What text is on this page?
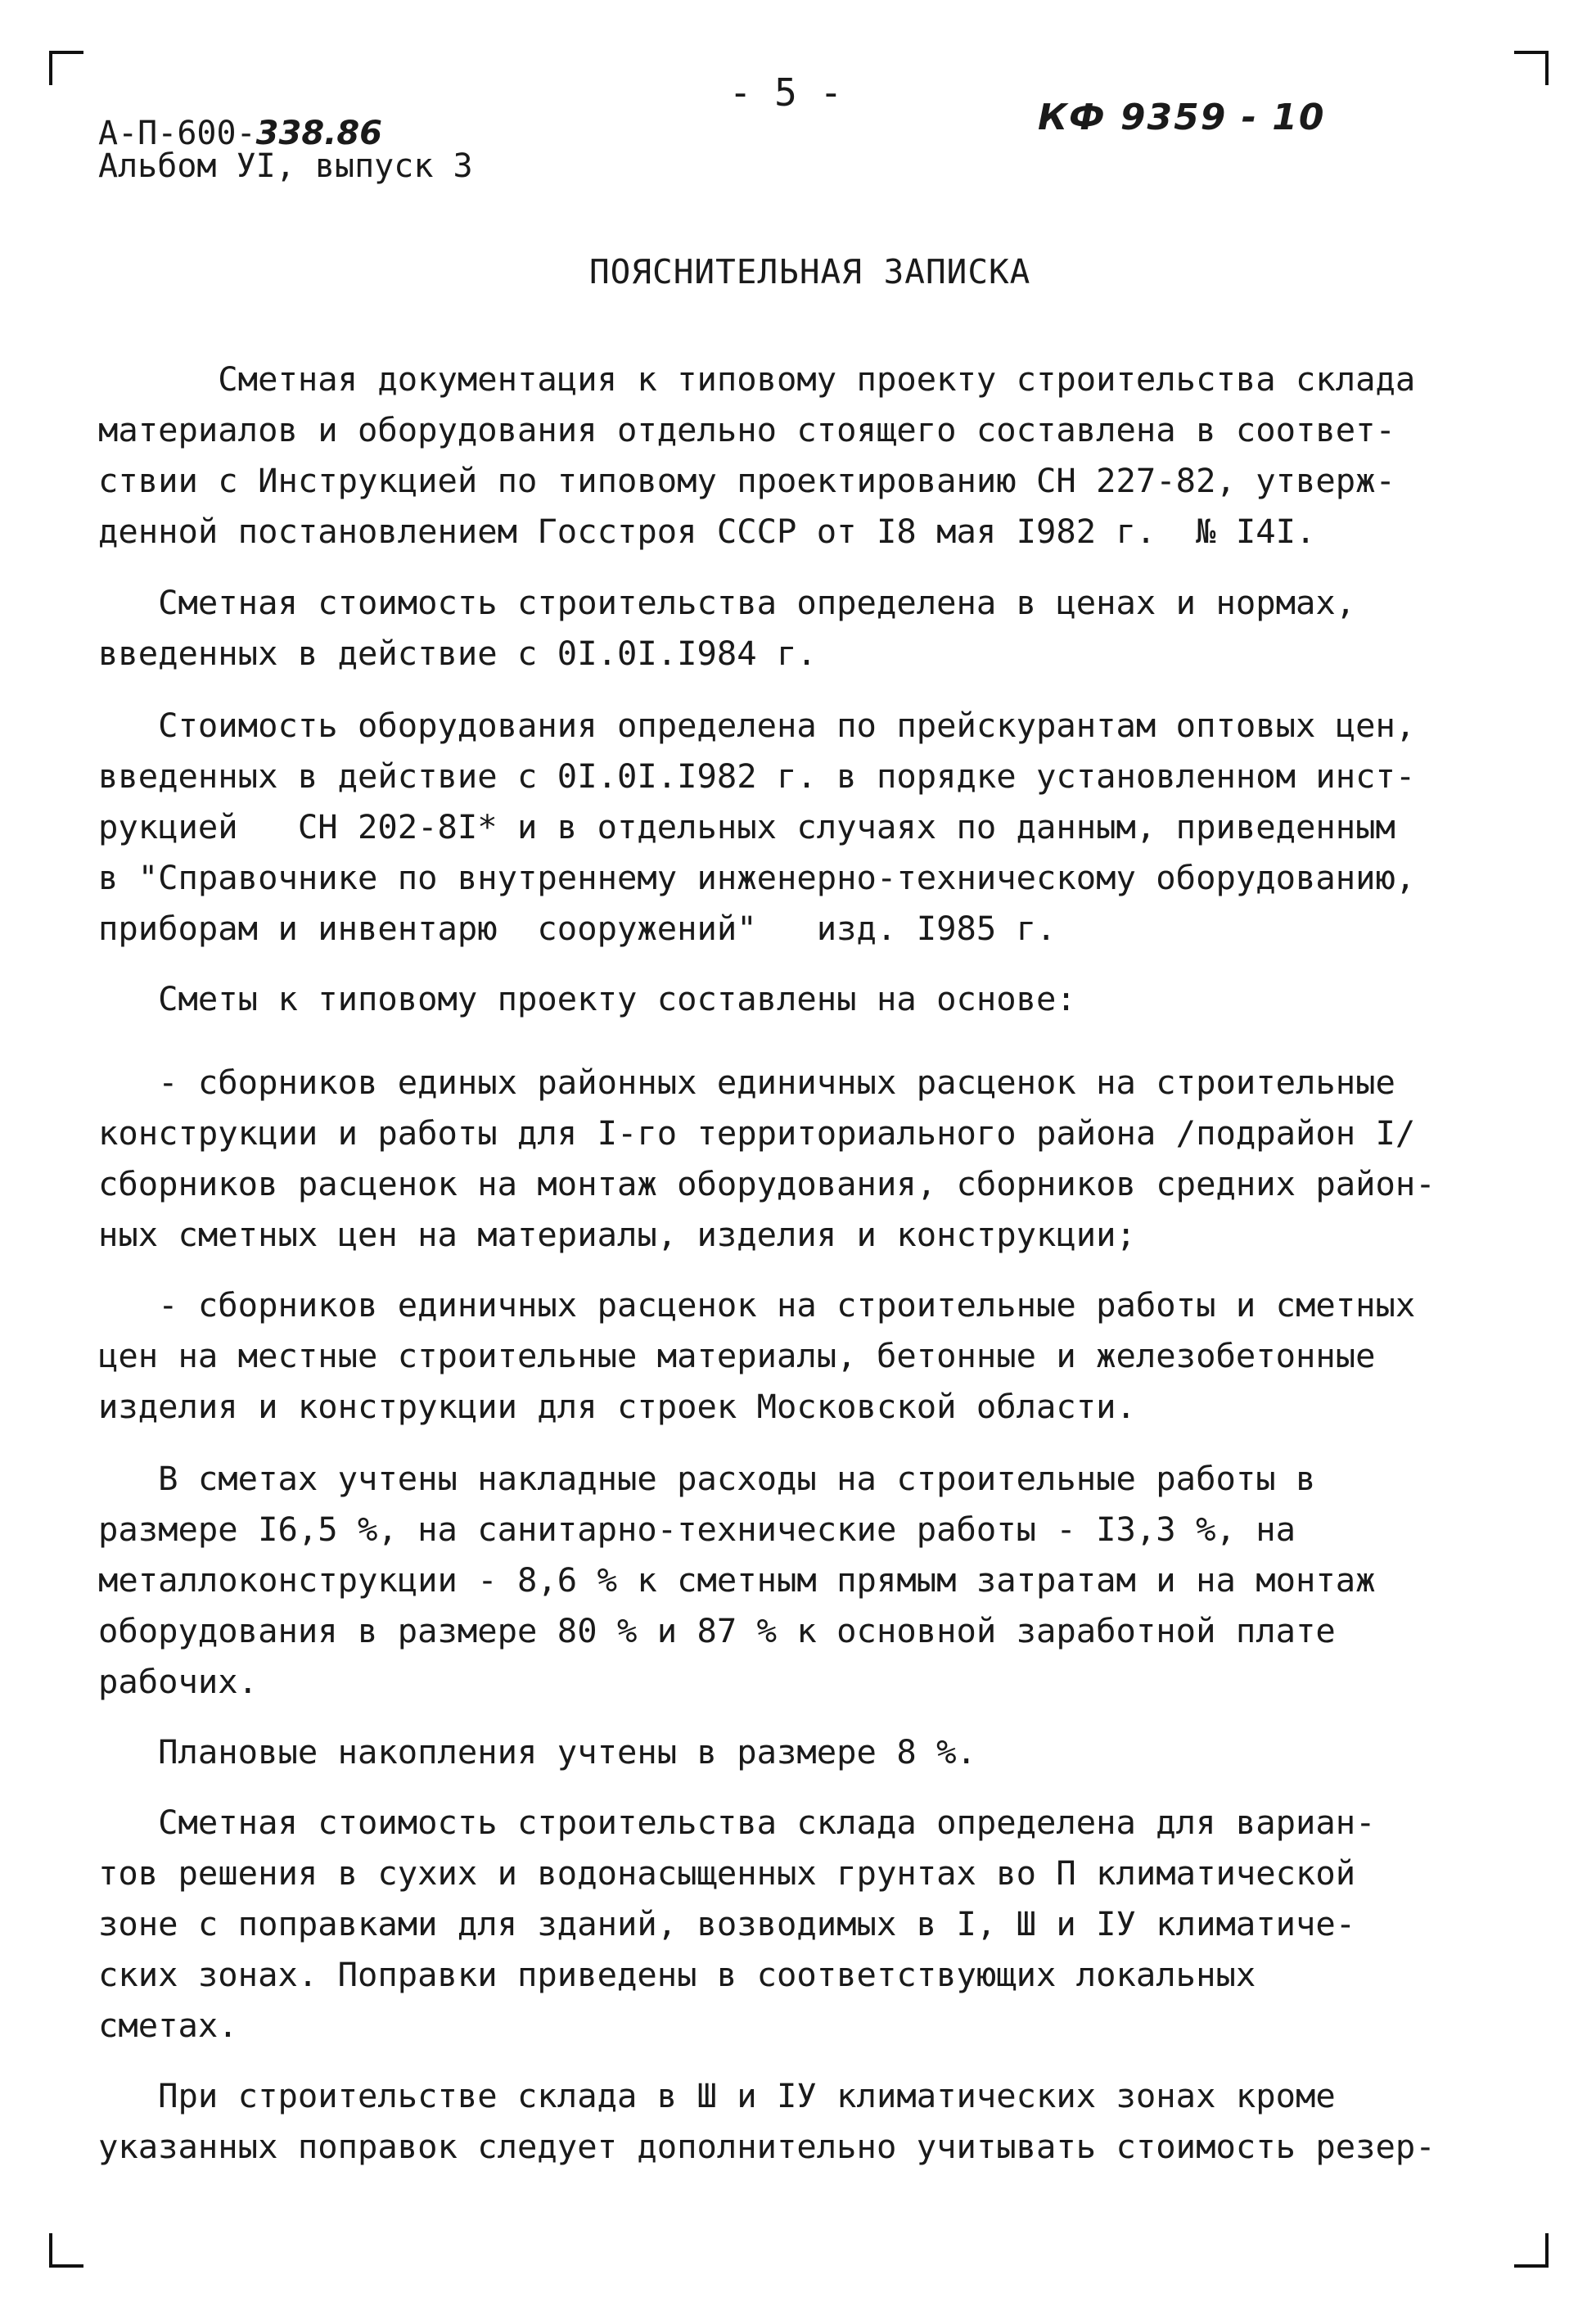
- 5 -
А-П-600-338.86
Альбом УI, выпуск 3
КФ 9359 - 10
ПОЯСНИТЕЛЬНАЯ ЗАПИСКА
Сметная документация к типовому проекту строительства склада
материалов и оборудования отдельно стоящего составлена в соответ-
ствии с Инструкцией по типовому проектированию СН 227-82, утверж-
денной постановлением Госстроя СССР от I8 мая I982 г.  № I4I.
Сметная стоимость строительства определена в ценах и нормах,
введенных в действие с 0I.0I.I984 г.
Стоимость оборудования определена по прейскурантам оптовых цен,
введенных в действие с 0I.0I.I982 г. в порядке установленном инст-
рукцией   СН 202-8I* и в отдельных случаях по данным, приведенным
в "Справочнике по внутреннему инженерно-техническому оборудованию,
приборам и инвентарю  сооружений"   изд. I985 г.
Сметы к типовому проекту составлены на основе:
- сборников единых районных единичных расценок на строительные
конструкции и работы для I-го территориального района /подрайон I/
сборников расценок на монтаж оборудования, сборников средних район-
ных сметных цен на материалы, изделия и конструкции;
- сборников единичных расценок на строительные работы и сметных
цен на местные строительные материалы, бетонные и железобетонные
изделия и конструкции для строек Московской области.
В сметах учтены накладные расходы на строительные работы в
размере I6,5 %, на санитарно-технические работы - I3,3 %, на
металлоконструкции - 8,6 % к сметным прямым затратам и на монтаж
оборудования в размере 80 % и 87 % к основной заработной плате
рабочих.
Плановые накопления учтены в размере 8 %.
Сметная стоимость строительства склада определена для вариан-
тов решения в сухих и водонасыщенных грунтах во П климатической
зоне с поправками для зданий, возводимых в I, Ш и IУ климатиче-
ских зонах. Поправки приведены в соответствующих локальных
сметах.
При строительстве склада в Ш и IУ климатических зонах кроме
указанных поправок следует дополнительно учитывать стоимость резер-
